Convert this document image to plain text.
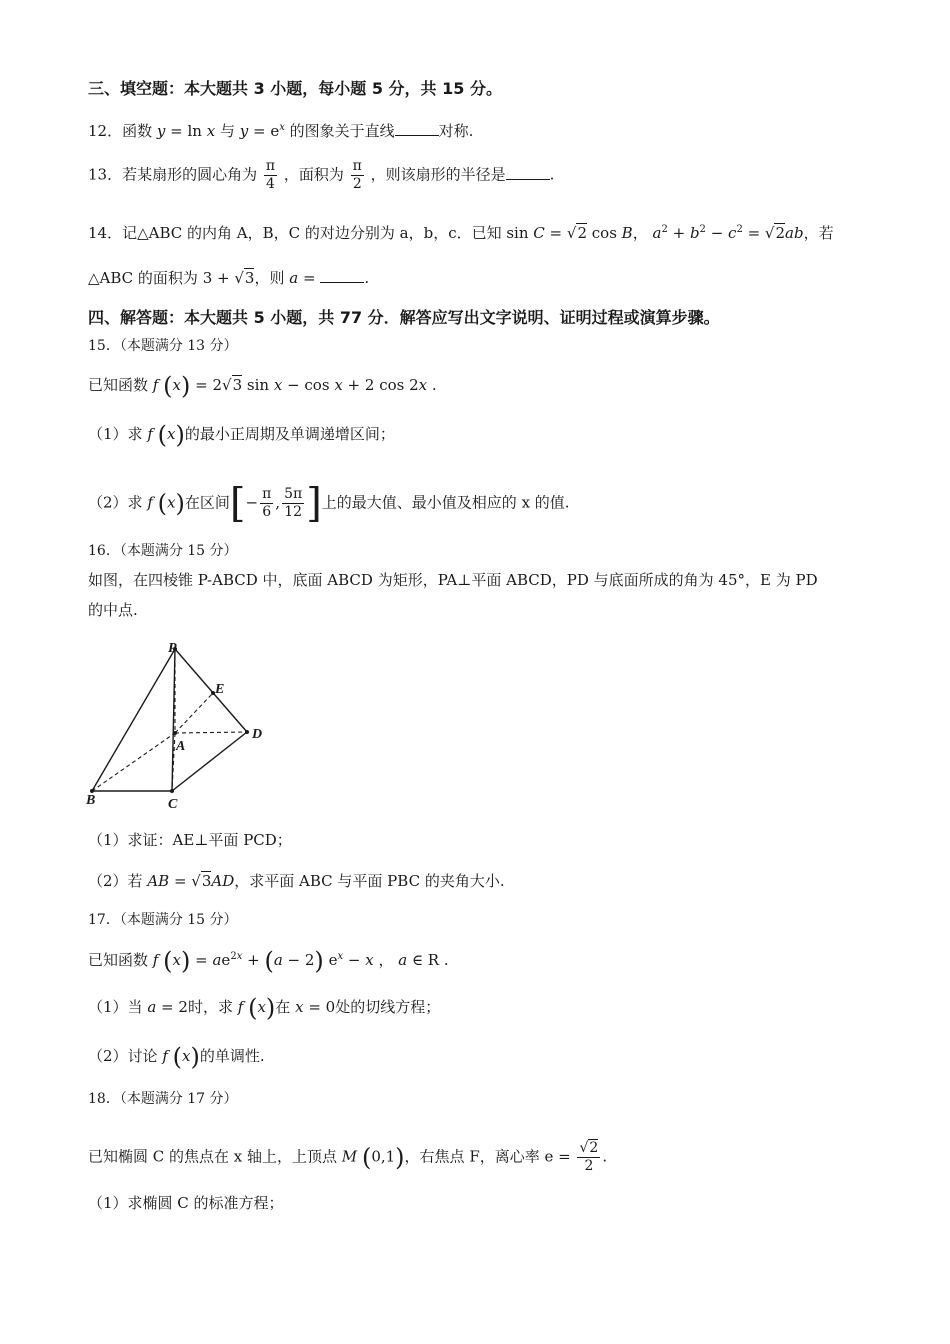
三、填空题：本大题共 3 小题，每小题 5 分，共 15 分。
12．函数 y = ln x 与 $y = e^x$ 的图象关于直线	对称.
13．若某扇形的圆心角为 $\frac{\pi}{4}$ ，面积为 $\frac{\pi}{2}$ ，则该扇形的半径是	.
14．记△ABC 的内角 A，B，C 的对边分别为 a，b，c．已知 sin C = √2 cos B， $a^2 + b^2 - c^2 = √2ab$，若
△ABC 的面积为 3 + √3，则 a =	.
四、解答题：本大题共 5 小题，共 77 分．解答应写出文字说明、证明过程或演算步骤。
15．（本题满分 13 分）
已知函数 f (x) = 2√3 sin x − cos x + 2 cos 2x .
（1）求 f (x)的最小正周期及单调递增区间；
（2）求 f (x)在区间[− $\frac{\pi}{6}$ , $\frac{5\pi}{12}$ ]上的最大值、最小值及相应的 x 的值.
16．（本题满分 15 分）
如图，在四棱锥 P-ABCD 中，底面 ABCD 为矩形，PA⊥平面 ABCD，PD 与底面所成的角为 45°，E 为 PD
的中点.
P
E
A
D
B	C
（1）求证：AE⊥平面 PCD；
（2）若 AB = √3AD，求平面 ABC 与平面 PBC 的夹角大小.
17．（本题满分 15 分）
已知函数 f $(x) = ae^{2x} + (a - 2) e^x - x$ ， a ∈ R .
（1）当 a = 2时，求 f (x)在 x = 0处的切线方程；
（2）讨论 f (x)的单调性.
18．（本题满分 17 分）
已知椭圆 C 的焦点在 x 轴上，上顶点 M (0,1)，右焦点 F，离心率 $e = \frac{√2}{2}$ .
（1）求椭圆 C 的标准方程；
